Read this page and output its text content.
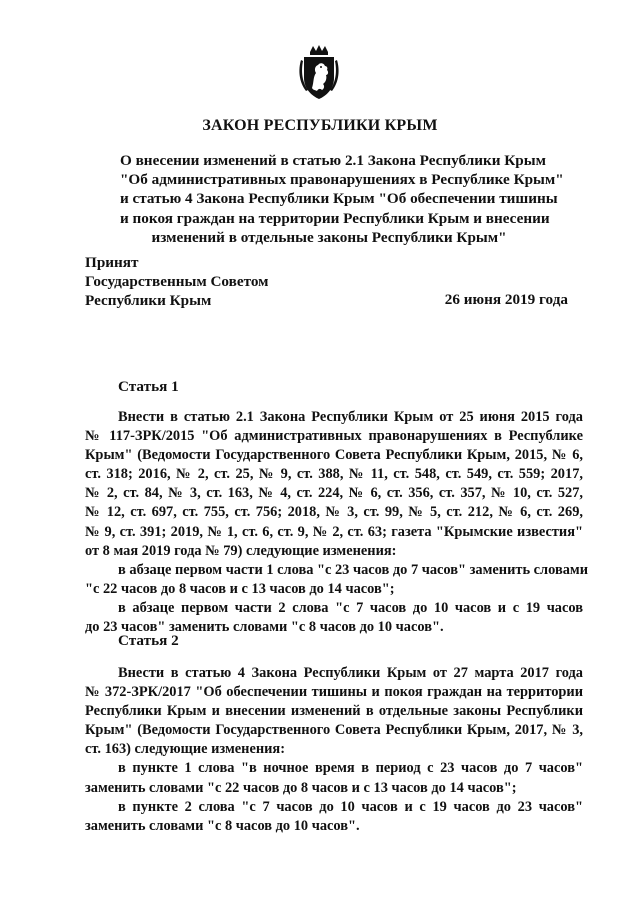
ЗАКОН РЕСПУБЛИКИ КРЫМ
О внесении изменений в статью 2.1 Закона Республики Крым
"Об административных правонарушениях в Республике Крым"
и статью 4 Закона Республики Крым "Об обеспечении тишины
и покоя граждан на территории Республики Крым и внесении
изменений в отдельные законы Республики Крым"
Принят
Государственным Советом
Республики Крым	26 июня 2019 года
Статья 1
Внести в статью 2.1 Закона Республики Крым от 25 июня 2015 года
№ 117-ЗРК/2015 "Об административных правонарушениях в Республике
Крым" (Ведомости Государственного Совета Республики Крым, 2015, № 6,
ст. 318; 2016, № 2, ст. 25, № 9, ст. 388, № 11, ст. 548, ст. 549, ст. 559; 2017,
№ 2, ст. 84, № 3, ст. 163, № 4, ст. 224, № 6, ст. 356, ст. 357, № 10, ст. 527,
№ 12, ст. 697, ст. 755, ст. 756; 2018, № 3, ст. 99, № 5, ст. 212, № 6, ст. 269,
№ 9, ст. 391; 2019, № 1, ст. 6, ст. 9, № 2, ст. 63; газета "Крымские известия"
от 8 мая 2019 года № 79) следующие изменения:
в абзаце первом части 1 слова "с 23 часов до 7 часов" заменить словами
"с 22 часов до 8 часов и с 13 часов до 14 часов";
в абзаце первом части 2 слова "с 7 часов до 10 часов и с 19 часов
до 23 часов" заменить словами "с 8 часов до 10 часов".
Статья 2
Внести в статью 4 Закона Республики Крым от 27 марта 2017 года
№ 372-ЗРК/2017 "Об обеспечении тишины и покоя граждан на территории
Республики Крым и внесении изменений в отдельные законы Республики
Крым" (Ведомости Государственного Совета Республики Крым, 2017, № 3,
ст. 163) следующие изменения:
в пункте 1 слова "в ночное время в период с 23 часов до 7 часов"
заменить словами "с 22 часов до 8 часов и с 13 часов до 14 часов";
в пункте 2 слова "с 7 часов до 10 часов и с 19 часов до 23 часов"
заменить словами "с 8 часов до 10 часов".
